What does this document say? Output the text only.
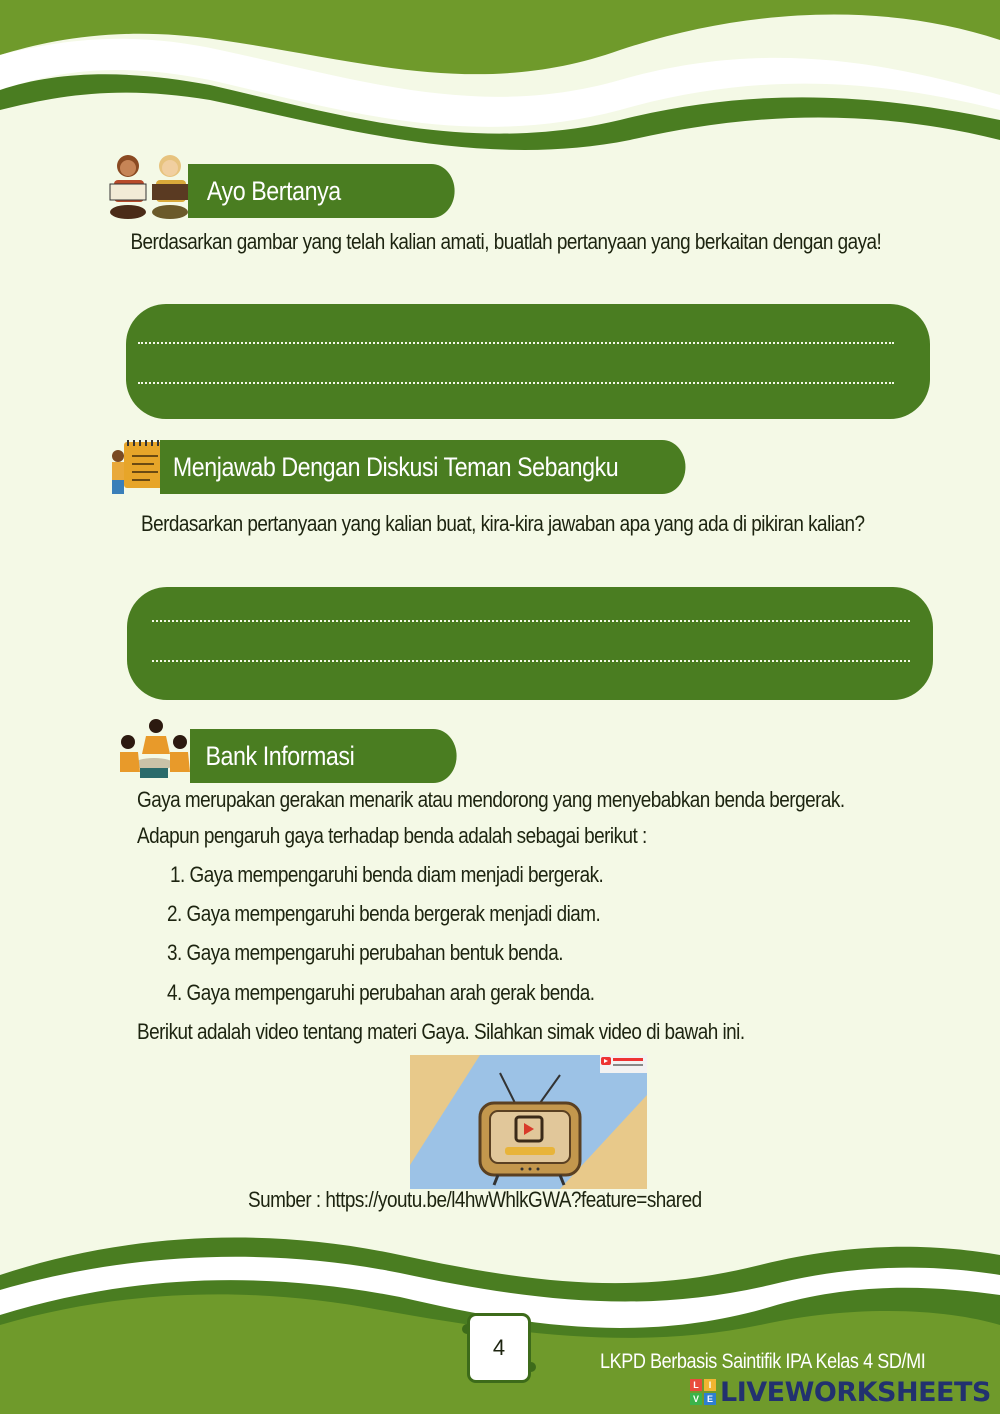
Ayo Bertanya
Berdasarkan gambar yang telah kalian amati, buatlah pertanyaan yang berkaitan dengan gaya!
Menjawab Dengan Diskusi Teman Sebangku
Berdasarkan pertanyaan yang kalian buat, kira-kira jawaban apa yang ada di pikiran kalian?
Bank Informasi
Gaya merupakan gerakan menarik atau mendorong yang menyebabkan benda bergerak.
Adapun pengaruh gaya terhadap benda adalah sebagai berikut :
1. Gaya mempengaruhi benda diam menjadi bergerak.
2. Gaya mempengaruhi benda bergerak menjadi diam.
3. Gaya mempengaruhi perubahan bentuk benda.
4. Gaya mempengaruhi perubahan arah gerak benda.
Berikut adalah video tentang materi Gaya. Silahkan simak video di bawah ini.
Sumber : https://youtu.be/l4hwWhlkGWA?feature=shared
4
LKPD Berbasis Saintifik IPA Kelas 4 SD/MI
L	I
V E LIVEWORKSHEETS
